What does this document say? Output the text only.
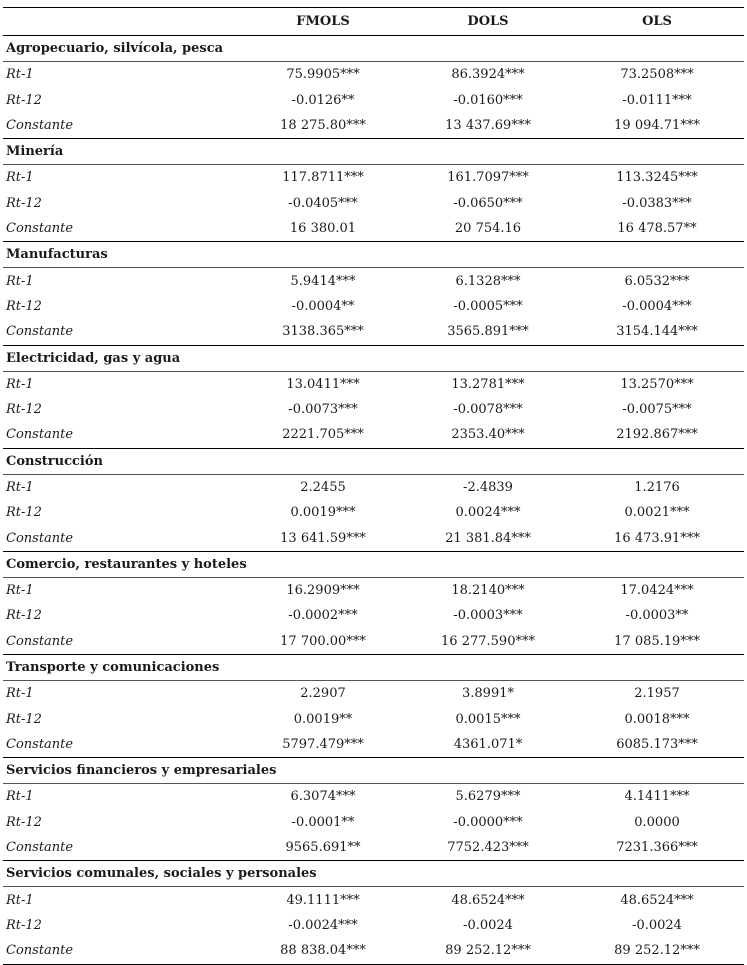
FMOLS	DOLS	OLS
Agropecuario, silvícola, pesca
Rt-1	75.9905***	86.3924***	73.2508***
Rt-12	-0.0126**	-0.0160***	-0.0111***
Constante	18 275.80***	13 437.69***	19 094.71***
Minería
Rt-1	117.8711***	161.7097***	113.3245***
Rt-12	-0.0405***	-0.0650***	-0.0383***
Constante	16 380.01	20 754.16	16 478.57**
Manufacturas
Rt-1	5.9414***	6.1328***	6.0532***
Rt-12	-0.0004**	-0.0005***	-0.0004***
Constante	3138.365***	3565.891***	3154.144***
Electricidad, gas y agua
Rt-1	13.0411***	13.2781***	13.2570***
Rt-12	-0.0073***	-0.0078***	-0.0075***
Constante	2221.705***	2353.40***	2192.867***
Construcción
Rt-1	2.2455	-2.4839	1.2176
Rt-12	0.0019***	0.0024***	0.0021***
Constante	13 641.59***	21 381.84***	16 473.91***
Comercio, restaurantes y hoteles
Rt-1	16.2909***	18.2140***	17.0424***
Rt-12	-0.0002***	-0.0003***	-0.0003**
Constante	17 700.00***	16 277.590***	17 085.19***
Transporte y comunicaciones
Rt-1	2.2907	3.8991*	2.1957
Rt-12	0.0019**	0.0015***	0.0018***
Constante	5797.479***	4361.071*	6085.173***
Servicios financieros y empresariales
Rt-1	6.3074***	5.6279***	4.1411***
Rt-12	-0.0001**	-0.0000***	0.0000
Constante	9565.691**	7752.423***	7231.366***
Servicios comunales, sociales y personales
Rt-1	49.1111***	48.6524***	48.6524***
Rt-12	-0.0024***	-0.0024	-0.0024
Constante	88 838.04***	89 252.12***	89 252.12***
